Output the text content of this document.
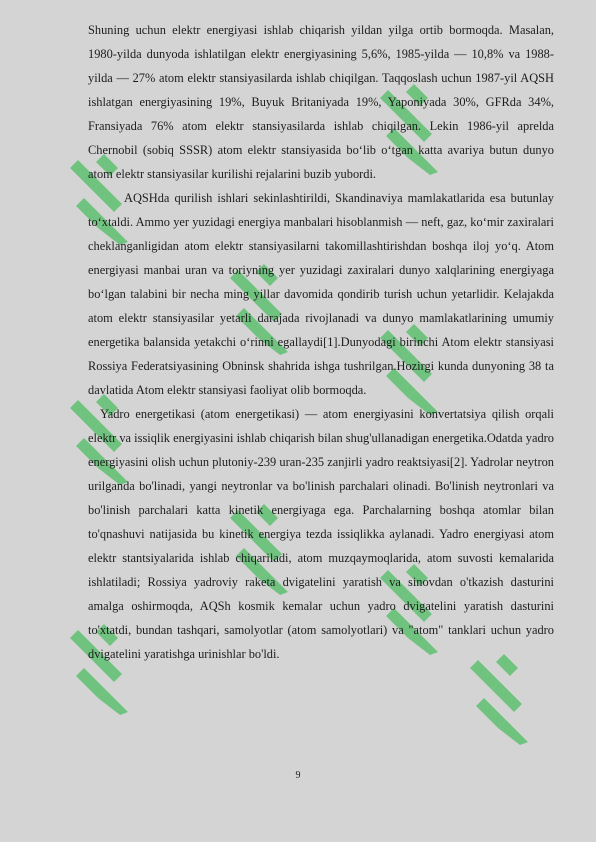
Shuning uchun elektr energiyasi ishlab chiqarish yildan yilga ortib bormoqda. Masalan, 1980-yilda dunyoda ishlatilgan elektr energiyasining 5,6%, 1985-yilda — 10,8% va 1988-yilda — 27% atom elektr stansiyasilarda ishlab chiqilgan. Taqqoslash uchun 1987-yil AQSH ishlatgan energiyasining 19%, Buyuk Britaniyada 19%, Yaponiyada 30%, GFRda 34%, Fransiyada 76% atom elektr stansiyasilarda ishlab chiqilgan. Lekin 1986-yil aprelda Chernobil (sobiq SSSR) atom elektr stansiyasida bo‘lib o‘tgan katta avariya butun dunyo atom elektr stansiyasilar kurilishi rejalarini buzib yubordi.

AQSHda qurilish ishlari sekinlashtirildi, Skandinaviya mamlakatlarida esa butunlay to‘xtaldi. Ammo yer yuzidagi energiya manbalari hisoblanmish — neft, gaz, ko‘mir zaxiralari cheklanganligidan atom elektr stansiyasilarni takomillashtirishdan boshqa iloj yo‘q. Atom energiyasi manbai uran va toriyning yer yuzidagi zaxiralari dunyo xalqlarining energiyaga bo‘lgan talabini bir necha ming yillar davomida qondirib turish uchun yetarlidir. Kelajakda atom elektr stansiyasilar yetarli darajada rivojlanadi va dunyo mamlakatlarining umumiy energetika balansida yetakchi o‘rinni egallaydi[1].Dunyodagi birinchi Atom elektr stansiyasi Rossiya Federatsiyasining Obninsk shahrida ishga tushrilgan.Hozirgi kunda dunyoning 38 ta davlatida Atom elektr stansiyasi faoliyat olib bormoqda.

Yadro energetikasi (atom energetikasi) — atom energiyasini konvertatsiya qilish orqali elektr va issiqlik energiyasini ishlab chiqarish bilan shug'ullanadigan energetika.Odatda yadro energiyasini olish uchun plutoniy-239 uran-235 zanjirli yadro reaktsiyasi[2]. Yadrolar neytron urilganda bo'linadi, yangi neytronlar va bo'linish parchalari olinadi. Bo'linish neytronlari va bo'linish parchalari katta kinetik energiyaga ega. Parchalarning boshqa atomlar bilan to'qnashuvi natijasida bu kinetik energiya tezda issiqlikka aylanadi. Yadro energiyasi atom elektr stantsiyalarida ishlab chiqariladi, atom muzqaymoqlarida, atom suvosti kemalarida ishlatiladi; Rossiya yadroviy raketa dvigatelini yaratish va sinovdan o'tkazish dasturini amalga oshirmoqda, AQSh kosmik kemalar uchun yadro dvigatelini yaratish dasturini to'xtatdi, bundan tashqari, samolyotlar (atom samolyotlari) va "atom" tanklari uchun yadro dvigatelini yaratishga urinishlar bo'ldi.

9
